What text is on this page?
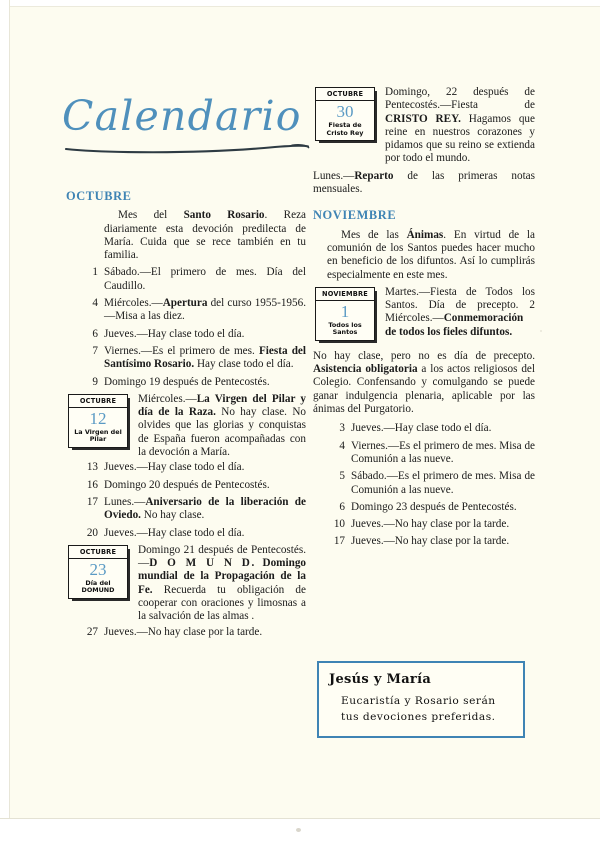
Calendario
OCTUBRE
Mes del Santo Rosario. Reza diariamente esta devoción predilecta de María. Cuida que se rece también en tu familia.
1 Sábado.—El primero de mes. Día del Caudillo.
4 Miércoles.—Apertura del curso 1955-1956.—Misa a las diez.
6 Jueves.—Hay clase todo el día.
7 Viernes.—Es el primero de mes. Fiesta del Santísimo Rosario. Hay clase todo el día.
9 Domingo 19 después de Pentecostés.
OCTUBRE
12
La Virgen del Pilar
Miércoles.—La Virgen del Pilar y día de la Raza. No hay clase. No olvides que las glorias y conquistas de España fueron acompañadas con la devoción a María.
13 Jueves.—Hay clase todo el día.
16 Domingo 20 después de Pentecostés.
17 Lunes.—Aniversario de la liberación de Oviedo. No hay clase.
20 Jueves.—Hay clase todo el día.
OCTUBRE
23
Día del DOMUND
Domingo 21 después de Pentecostés.—D O M U N D. Domingo mundial de la Propagación de la Fe. Recuerda tu obligación de cooperar con oraciones y limosnas a la salvación de las almas .
27 Jueves.—No hay clase por la tarde.
OCTUBRE
30
Fiesta de Cristo Rey
Domingo, 22 después de Pentecostés.—Fiesta de CRISTO REY. Hagamos que reine en nuestros corazones y pidamos que su reino se extienda por todo el mundo.
Lunes.—Reparto de las primeras notas mensuales.
NOVIEMBRE
Mes de las Ánimas. En virtud de la comunión de los Santos puedes hacer mucho en beneficio de los difuntos. Así lo cumplirás especialmente en este mes.
NOVIEMBRE
1
Todos los Santos
Martes.—Fiesta de Todos los Santos. Día de precepto. 2 Miércoles.—Conmemoración de todos los fieles difuntos.
No hay clase, pero no es día de precepto. Asistencia obligatoria a los actos religiosos del Colegio. Confensando y comulgando se puede ganar indulgencia plenaria, aplicable por las ánimas del Purgatorio.
3 Jueves.—Hay clase todo el día.
4 Viernes.—Es el primero de mes. Misa de Comunión a las nueve.
5 Sábado.—Es el primero de mes. Misa de Comunión a las nueve.
6 Domingo 23 después de Pentecostés.
10 Jueves.—No hay clase por la tarde.
17 Jueves.—No hay clase por la tarde.
Jesús y María
Eucaristía y Rosario serán
tus devociones preferidas.
